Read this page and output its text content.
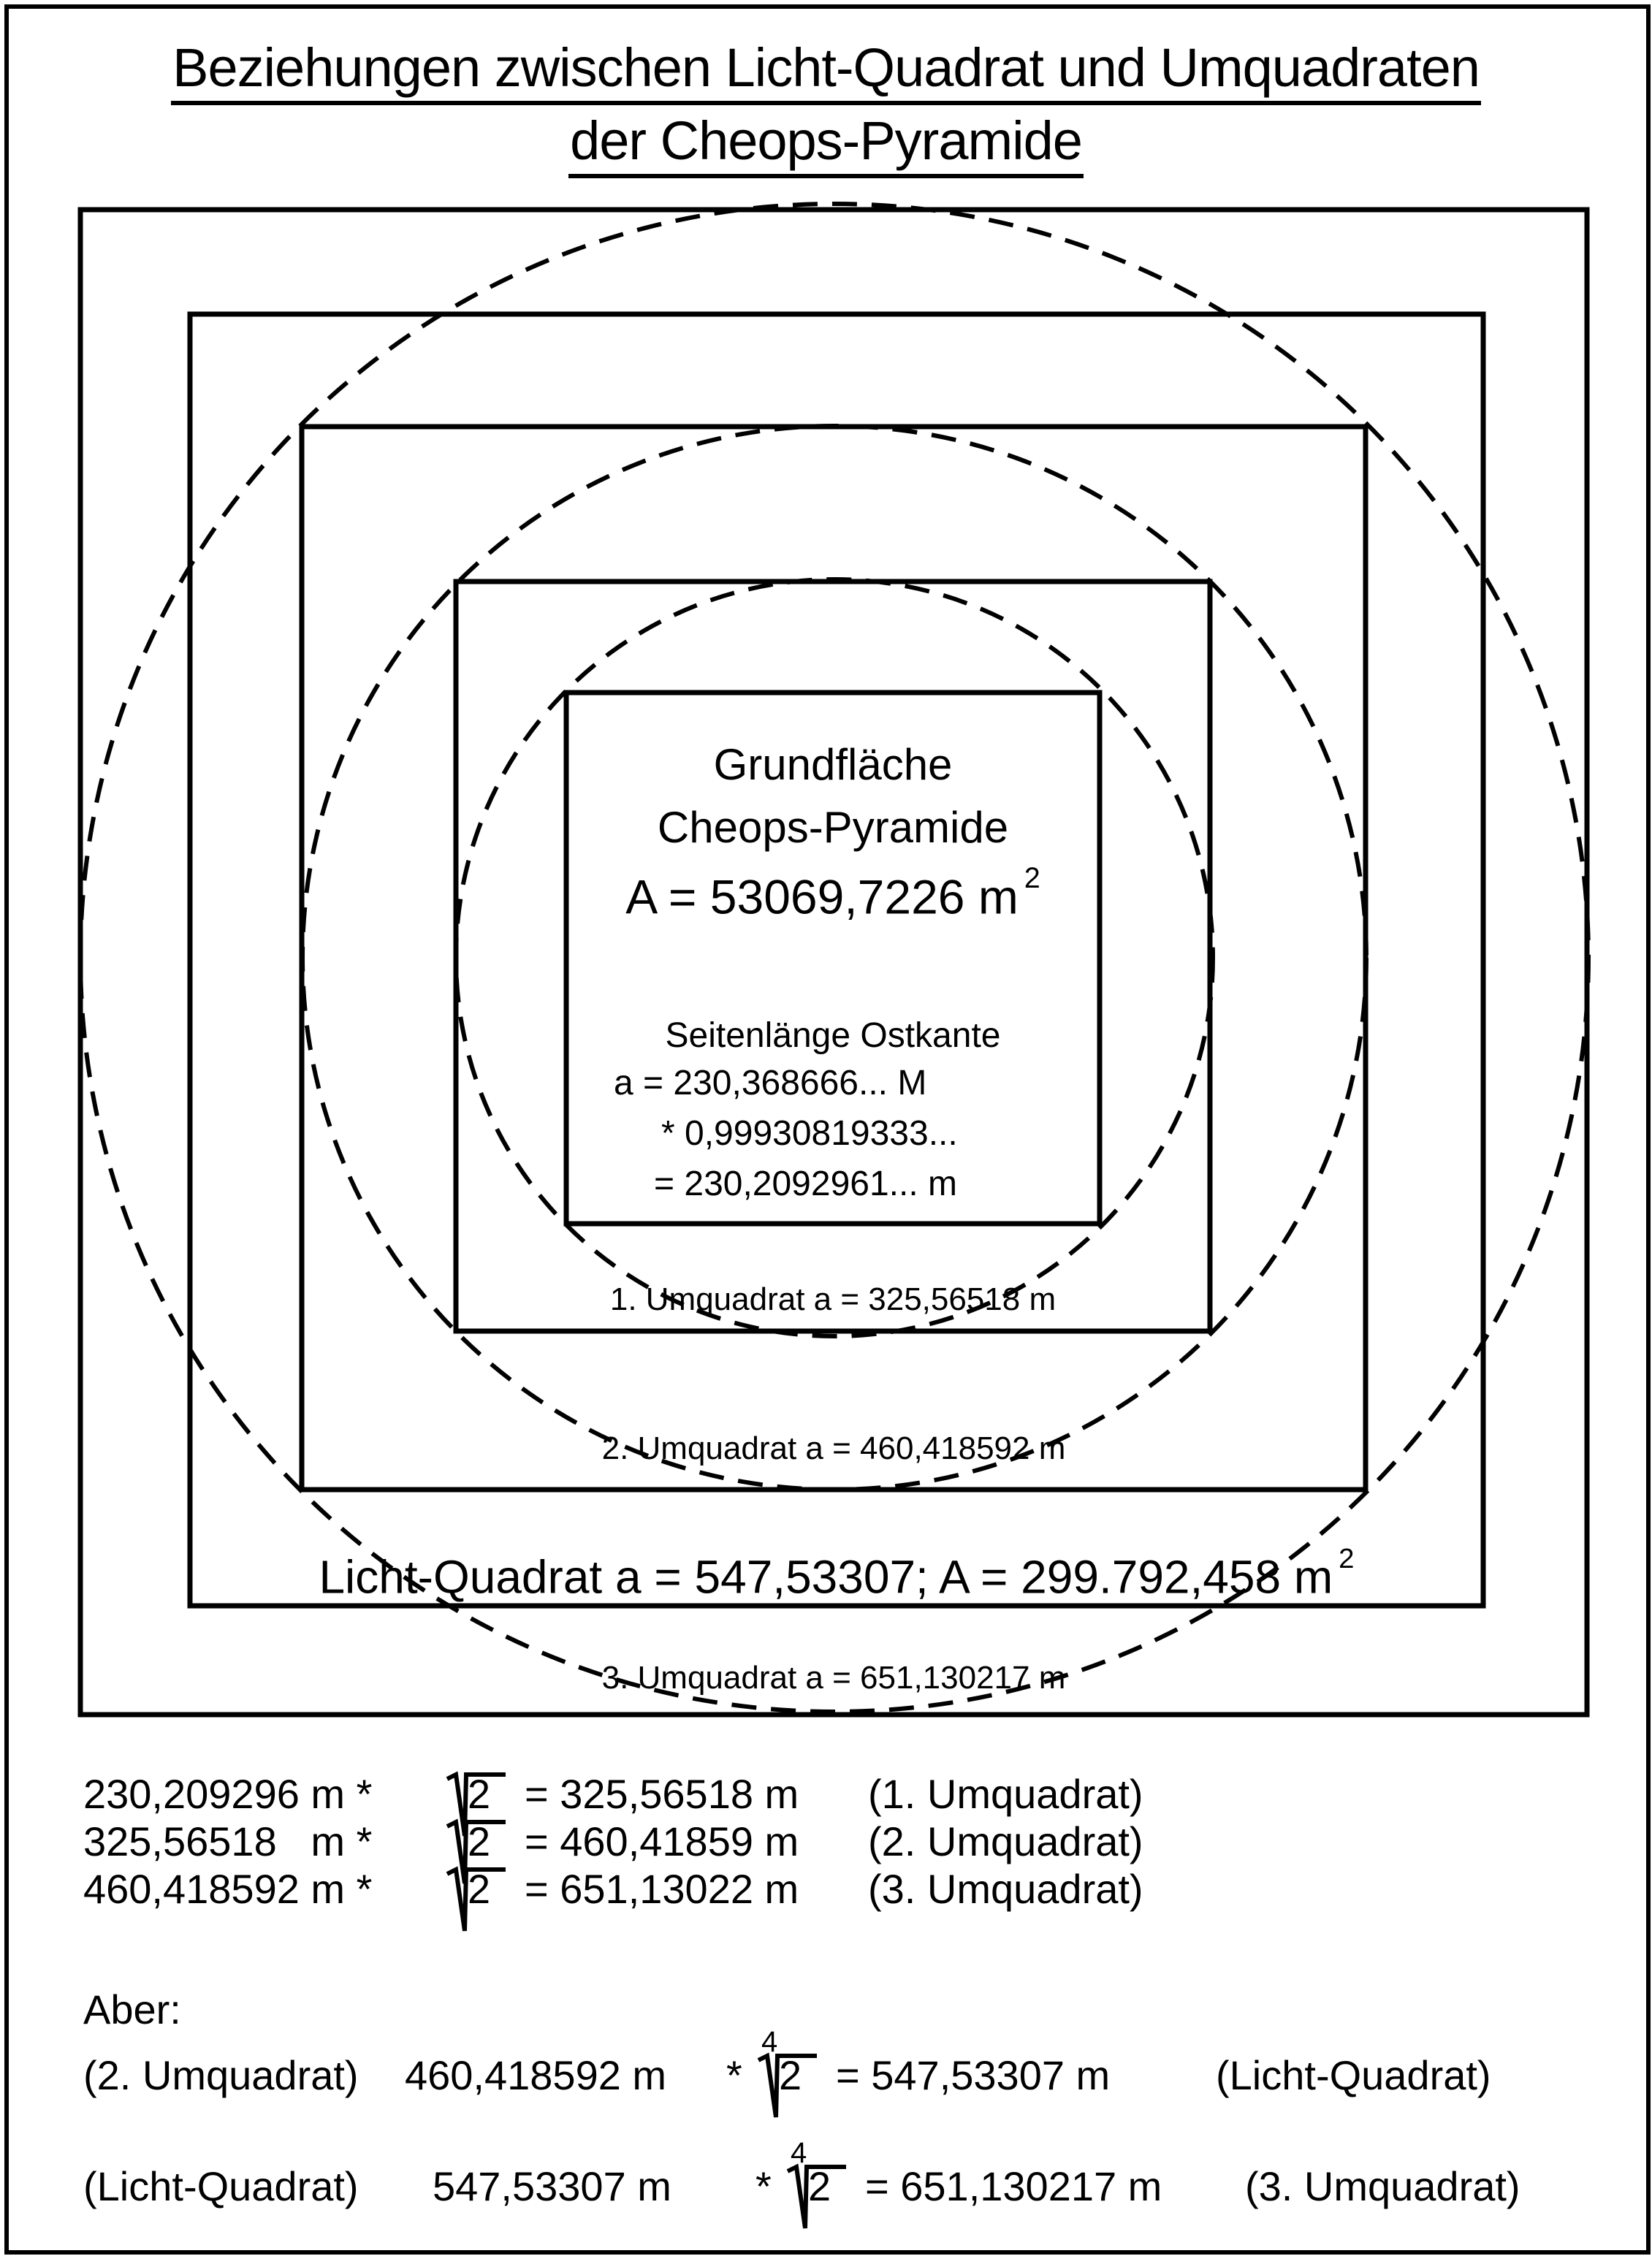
Beziehungen zwischen Licht-Quadrat und Umquadraten
der Cheops-Pyramide
Grundfläche
Cheops-Pyramide
A = 53069,7226 m $^2$
Seitenlänge Ostkante
a = 230,368666... M
* 0,99930819333...
= 230,2092961... m
1. Umquadrat a = 325,56518 m
2. Umquadrat a = 460,418592 m
Licht-Quadrat a = 547,53307; A = 299.792,458 m $^2$
3. Umquadrat a = 651,130217 m
230,209296 m * 2 = 325,56518 m (1. Umquadrat)
325,56518   m * 2 = 460,41859 m (2. Umquadrat)
460,418592 m * 2 = 651,13022 m (3. Umquadrat)
Aber:
(2. Umquadrat) 460,418592 m *
4
2 = 547,53307 m	(Licht-Quadrat)
(Licht-Quadrat) 547,53307 m *
4
2 = 651,130217 m (3. Umquadrat)
